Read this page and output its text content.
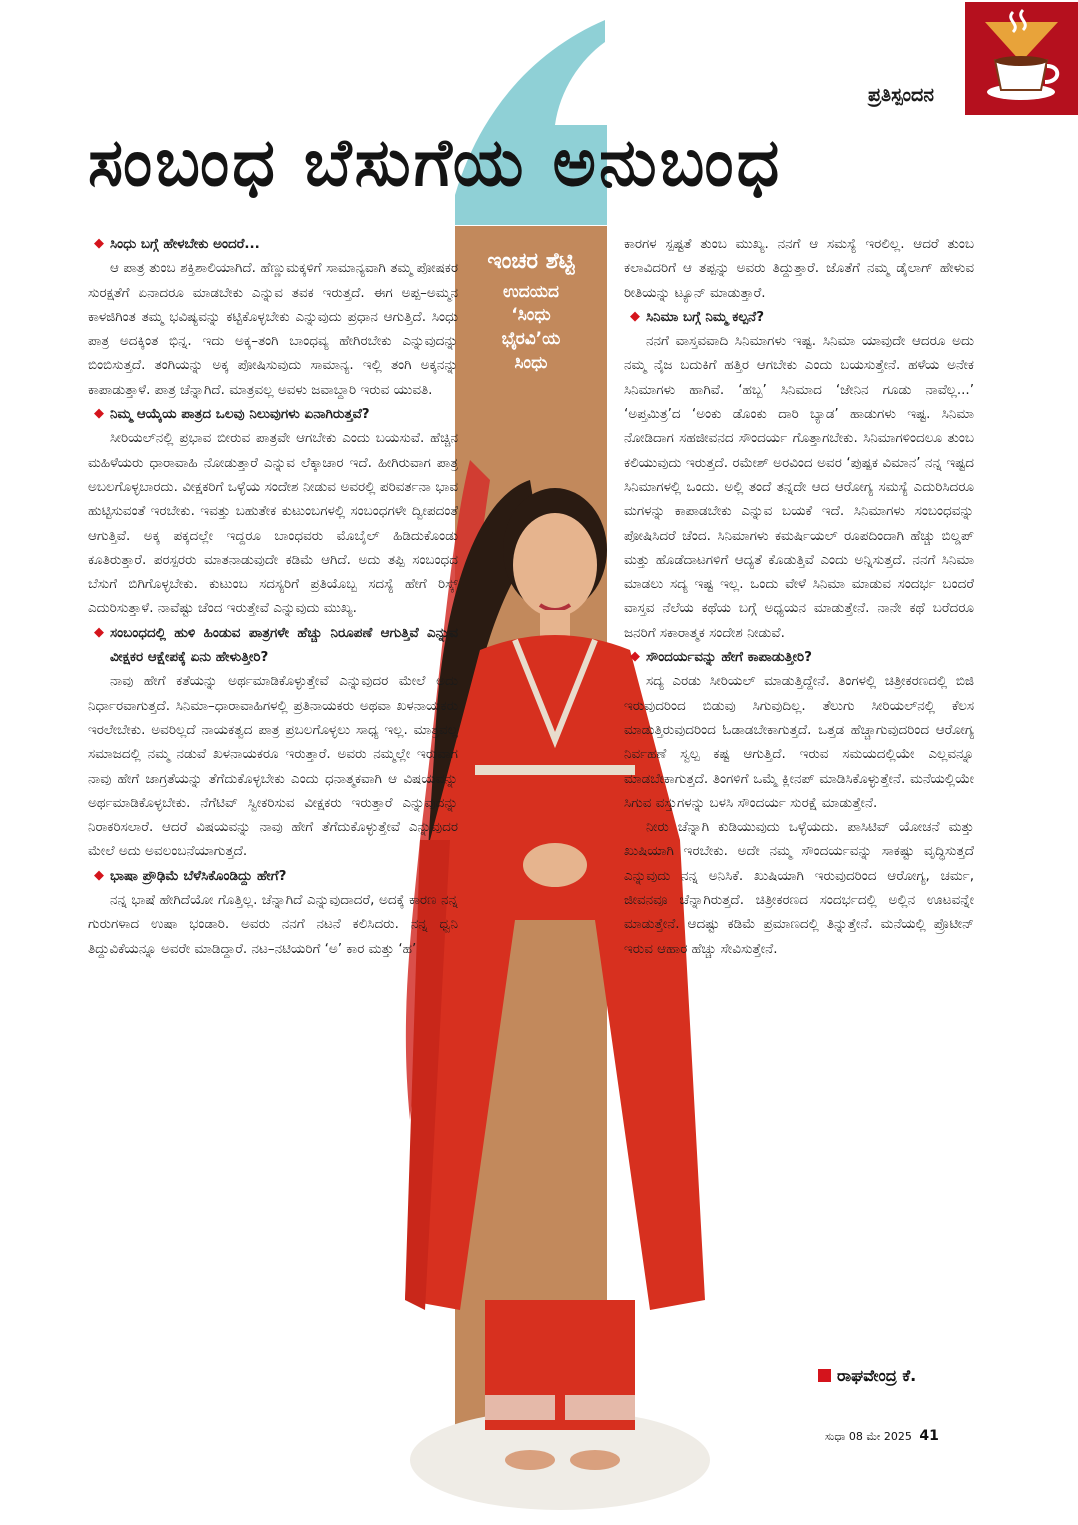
ಪ್ರತಿಸ್ಪಂದನ
ಸಂಬಂಧ ಬೆಸುಗೆಯ ಅನುಬಂಧ
ಇಂಚರ ಶೆಟ್ಟಿ
ಉದಯದ
‘ಸಿಂಧು
ಭೈರವಿ’ಯ
ಸಿಂಧು

◆ ಸಿಂಧು ಬಗ್ಗೆ ಹೇಳಬೇಕು ಅಂದರೆ...

ಆ ಪಾತ್ರ ತುಂಬ ಶಕ್ತಿಶಾಲಿಯಾಗಿದೆ. ಹೆಣ್ಣುಮಕ್ಕಳಿಗೆ ಸಾಮಾನ್ಯವಾಗಿ ತಮ್ಮ ಪೋಷಕರ ಸುರಕ್ಷತೆಗೆ ಏನಾದರೂ ಮಾಡಬೇಕು ಎನ್ನುವ ತವಕ ಇರುತ್ತದೆ. ಈಗ ಅಪ್ಪ–ಅಮ್ಮನ ಕಾಳಜಿಗಿಂತ ತಮ್ಮ ಭವಿಷ್ಯವನ್ನು ಕಟ್ಟಿಕೊಳ್ಳಬೇಕು ಎನ್ನುವುದು ಪ್ರಧಾನ ಆಗುತ್ತಿದೆ. ಸಿಂಧು ಪಾತ್ರ ಅದಕ್ಕಿಂತ ಭಿನ್ನ. ಇದು ಅಕ್ಕ–ತಂಗಿ ಬಾಂಧವ್ಯ ಹೇಗಿರಬೇಕು ಎನ್ನುವುದನ್ನು ಬಿಂಬಿಸುತ್ತದೆ. ತಂಗಿಯನ್ನು ಅಕ್ಕ ಪೋಷಿಸುವುದು ಸಾಮಾನ್ಯ. ಇಲ್ಲಿ ತಂಗಿ ಅಕ್ಕನನ್ನು ಕಾಪಾಡುತ್ತಾಳೆ. ಪಾತ್ರ ಚೆನ್ನಾಗಿದೆ. ಮಾತ್ರವಲ್ಲ ಅವಳು ಜವಾಬ್ದಾರಿ ಇರುವ ಯುವತಿ.

◆ ನಿಮ್ಮ ಆಯ್ಕೆಯ ಪಾತ್ರದ ಒಲವು ನಿಲುವುಗಳು ಏನಾಗಿರುತ್ತವೆ?

ಸೀರಿಯಲ್‌ನಲ್ಲಿ ಪ್ರಭಾವ ಬೀರುವ ಪಾತ್ರವೇ ಆಗಬೇಕು ಎಂದು ಬಯಸುವೆ. ಹೆಚ್ಚಿನ ಮಹಿಳೆಯರು ಧಾರಾವಾಹಿ ನೋಡುತ್ತಾರೆ ಎನ್ನುವ ಲೆಕ್ಕಾಚಾರ ಇದೆ. ಹೀಗಿರುವಾಗ ಪಾತ್ರ ಅಬಲಗೊಳ್ಳಬಾರದು. ವೀಕ್ಷಕರಿಗೆ ಒಳ್ಳೆಯ ಸಂದೇಶ ನೀಡುವ ಅವರಲ್ಲಿ ಪರಿವರ್ತನಾ ಭಾವ ಹುಟ್ಟಿಸುವಂತೆ ಇರಬೇಕು. ಇವತ್ತು ಬಹುತೇಕ ಕುಟುಂಬಗಳಲ್ಲಿ ಸಂಬಂಧಗಳೇ ದ್ವೀಪದಂತೆ ಆಗುತ್ತಿವೆ. ಅಕ್ಕ ಪಕ್ಕದಲ್ಲೇ ಇದ್ದರೂ ಬಾಂಧವರು ಮೊಬೈಲ್ ಹಿಡಿದುಕೊಂಡು ಕೂತಿರುತ್ತಾರೆ. ಪರಸ್ಪರರು ಮಾತನಾಡುವುದೇ ಕಡಿಮೆ ಆಗಿದೆ. ಅದು ತಪ್ಪಿ ಸಂಬಂಧದ ಬೆಸುಗೆ ಬಿಗಿಗೊಳ್ಳಬೇಕು. ಕುಟುಂಬ ಸದಸ್ಯರಿಗೆ ಪ್ರತಿಯೊಬ್ಬ ಸದಸ್ಯೆ ಹೇಗೆ ರಿಸ್ಕ್ ಎದುರಿಸುತ್ತಾಳೆ. ನಾವೆಷ್ಟು ಚೆಂದ ಇರುತ್ತೇವೆ ಎನ್ನುವುದು ಮುಖ್ಯ.

◆ ಸಂಬಂಧದಲ್ಲಿ ಹುಳಿ ಹಿಂಡುವ ಪಾತ್ರಗಳೇ ಹೆಚ್ಚು ನಿರೂಪಣೆ ಆಗುತ್ತಿವೆ ಎನ್ನುವ ವೀಕ್ಷಕರ ಆಕ್ಷೇಪಕ್ಕೆ ಏನು ಹೇಳುತ್ತೀರಿ?

ನಾವು ಹೇಗೆ ಕತೆಯನ್ನು ಅರ್ಥಮಾಡಿಕೊಳ್ಳುತ್ತೇವೆ ಎನ್ನುವುದರ ಮೇಲೆ ಅದು ನಿರ್ಧಾರವಾಗುತ್ತದೆ. ಸಿನಿಮಾ–ಧಾರಾವಾಹಿಗಳಲ್ಲಿ ಪ್ರತಿನಾಯಕರು ಅಥವಾ ಖಳನಾಯಕರು ಇರಲೇಬೇಕು. ಅವರಿಲ್ಲದೆ ನಾಯಕತ್ವದ ಪಾತ್ರ ಪ್ರಬಲಗೊಳ್ಳಲು ಸಾಧ್ಯ ಇಲ್ಲ. ಮಾತ್ರವಲ್ಲ ಸಮಾಜದಲ್ಲಿ ನಮ್ಮ ನಡುವೆ ಖಳನಾಯಕರೂ ಇರುತ್ತಾರೆ. ಅವರು ನಮ್ಮಲ್ಲೇ ಇರುವಾಗ ನಾವು ಹೇಗೆ ಜಾಗ್ರತೆಯನ್ನು ತೆಗೆದುಕೊಳ್ಳಬೇಕು ಎಂದು ಧನಾತ್ಮಕವಾಗಿ ಆ ವಿಷಯವನ್ನು ಅರ್ಥಮಾಡಿಕೊಳ್ಳಬೇಕು. ನೆಗೆಟಿವ್ ಸ್ವೀಕರಿಸುವ ವೀಕ್ಷಕರು ಇರುತ್ತಾರೆ ಎನ್ನುವುದನ್ನು ನಿರಾಕರಿಸಲಾರೆ. ಆದರೆ ವಿಷಯವನ್ನು ನಾವು ಹೇಗೆ ತೆಗೆದುಕೊಳ್ಳುತ್ತೇವೆ ಎನ್ನುವುದರ ಮೇಲೆ ಅದು ಅವಲಂಬನೆಯಾಗುತ್ತದೆ.

◆ ಭಾಷಾ ಪ್ರೌಢಿಮೆ ಬೆಳೆಸಿಕೊಂಡಿದ್ದು ಹೇಗೆ?

ನನ್ನ ಭಾಷೆ ಹೇಗಿದೆಯೋ ಗೊತ್ತಿಲ್ಲ. ಚೆನ್ನಾಗಿದೆ ಎನ್ನುವುದಾದರೆ, ಅದಕ್ಕೆ ಕಾರಣ ನನ್ನ ಗುರುಗಳಾದ ಉಷಾ ಭಂಡಾರಿ. ಅವರು ನನಗೆ ನಟನೆ ಕಲಿಸಿದರು. ನನ್ನ ಧ್ವನಿ ತಿದ್ದುವಿಕೆಯನ್ನೂ ಅವರೇ ಮಾಡಿದ್ದಾರೆ. ನಟ–ನಟಿಯರಿಗೆ ‘ಅ’ ಕಾರ ಮತ್ತು ‘ಹ’

ಕಾರಗಳ ಸ್ಪಷ್ಟತೆ ತುಂಬ ಮುಖ್ಯ. ನನಗೆ ಆ ಸಮಸ್ಯೆ ಇರಲಿಲ್ಲ. ಆದರೆ ತುಂಬ ಕಲಾವಿದರಿಗೆ ಆ ತಪ್ಪನ್ನು ಅವರು ತಿದ್ದುತ್ತಾರೆ. ಜೊತೆಗೆ ನಮ್ಮ ಡೈಲಾಗ್ ಹೇಳುವ ರೀತಿಯನ್ನು ಟ್ಯೂನ್ ಮಾಡುತ್ತಾರೆ.

◆ ಸಿನಿಮಾ ಬಗ್ಗೆ ನಿಮ್ಮ ಕಲ್ಪನೆ?

ನನಗೆ ವಾಸ್ತವವಾದಿ ಸಿನಿಮಾಗಳು ಇಷ್ಟ. ಸಿನಿಮಾ ಯಾವುದೇ ಆದರೂ ಅದು ನಮ್ಮ ನೈಜ ಬದುಕಿಗೆ ಹತ್ತಿರ ಆಗಬೇಕು ಎಂದು ಬಯಸುತ್ತೇನೆ. ಹಳೆಯ ಅನೇಕ ಸಿನಿಮಾಗಳು ಹಾಗಿವೆ. ‘ಹಬ್ಬ’ ಸಿನಿಮಾದ ‘ಜೇನಿನ ಗೂಡು ನಾವೆಲ್ಲ...’ ‘ಅಪ್ತಮಿತ್ರ’ದ ‘ಅಂಕು ಡೊಂಕು ದಾರಿ ಬ್ಯಾಡ’ ಹಾಡುಗಳು ಇಷ್ಟ. ಸಿನಿಮಾ ನೋಡಿದಾಗ ಸಹಜೀವನದ ಸೌಂದರ್ಯ ಗೊತ್ತಾಗಬೇಕು. ಸಿನಿಮಾಗಳಿಂದಲೂ ತುಂಬ ಕಲಿಯುವುದು ಇರುತ್ತದೆ. ರಮೇಶ್ ಅರವಿಂದ ಅವರ ‘ಪುಷ್ಪಕ ವಿಮಾನ’ ನನ್ನ ಇಷ್ಟದ ಸಿನಿಮಾಗಳಲ್ಲಿ ಒಂದು. ಅಲ್ಲಿ ತಂದೆ ತನ್ನದೇ ಆದ ಆರೋಗ್ಯ ಸಮಸ್ಯೆ ಎದುರಿಸಿದರೂ ಮಗಳನ್ನು ಕಾಪಾಡಬೇಕು ಎನ್ನುವ ಬಯಕೆ ಇದೆ. ಸಿನಿಮಾಗಳು ಸಂಬಂಧವನ್ನು ಪೋಷಿಸಿದರೆ ಚೆಂದ. ಸಿನಿಮಾಗಳು ಕಮರ್ಷಿಯಲ್ ರೂಪದಿಂದಾಗಿ ಹೆಚ್ಚು ಬಿಲ್ಡಪ್ ಮತ್ತು ಹೊಡೆದಾಟಗಳಿಗೆ ಆದ್ಯತೆ ಕೊಡುತ್ತಿವೆ ಎಂದು ಅನ್ನಿಸುತ್ತದೆ. ನನಗೆ ಸಿನಿಮಾ ಮಾಡಲು ಸದ್ಯ ಇಷ್ಟ ಇಲ್ಲ. ಒಂದು ವೇಳೆ ಸಿನಿಮಾ ಮಾಡುವ ಸಂದರ್ಭ ಬಂದರೆ ವಾಸ್ತವ ನೆಲೆಯ ಕಥೆಯ ಬಗ್ಗೆ ಅಧ್ಯಯನ ಮಾಡುತ್ತೇನೆ. ನಾನೇ ಕಥೆ ಬರೆದರೂ ಜನರಿಗೆ ಸಕಾರಾತ್ಮಕ ಸಂದೇಶ ನೀಡುವೆ.

◆ ಸೌಂದರ್ಯವನ್ನು ಹೇಗೆ ಕಾಪಾಡುತ್ತೀರಿ?

ಸದ್ಯ ಎರಡು ಸೀರಿಯಲ್ ಮಾಡುತ್ತಿದ್ದೇನೆ. ತಿಂಗಳಲ್ಲಿ ಚಿತ್ರೀಕರಣದಲ್ಲಿ ಬಿಜಿ ಇರುವುದರಿಂದ ಬಿಡುವು ಸಿಗುವುದಿಲ್ಲ. ತೆಲುಗು ಸೀರಿಯಲ್‌ನಲ್ಲಿ ಕೆಲಸ ಮಾಡುತ್ತಿರುವುದರಿಂದ ಓಡಾಡಬೇಕಾಗುತ್ತದೆ. ಒತ್ತಡ ಹೆಚ್ಚಾಗುವುದರಿಂದ ಆರೋಗ್ಯ ನಿರ್ವಹಣೆ ಸ್ವಲ್ಪ ಕಷ್ಟ ಆಗುತ್ತಿದೆ. ಇರುವ ಸಮಯದಲ್ಲಿಯೇ ಎಲ್ಲವನ್ನೂ ಮಾಡಬೇಕಾಗುತ್ತದೆ. ತಿಂಗಳಿಗೆ ಒಮ್ಮೆ ಕ್ಲೀನಪ್ ಮಾಡಿಸಿಕೊಳ್ಳುತ್ತೇನೆ. ಮನೆಯಲ್ಲಿಯೇ ಸಿಗುವ ವಸ್ತುಗಳನ್ನು ಬಳಸಿ ಸೌಂದರ್ಯ ಸುರಕ್ಷೆ ಮಾಡುತ್ತೇನೆ.

ನೀರು ಚೆನ್ನಾಗಿ ಕುಡಿಯುವುದು ಒಳ್ಳೆಯದು. ಪಾಸಿಟಿವ್ ಯೋಚನೆ ಮತ್ತು ಖುಷಿಯಾಗಿ ಇರಬೇಕು. ಅದೇ ನಮ್ಮ ಸೌಂದರ್ಯವನ್ನು ಸಾಕಷ್ಟು ವೃದ್ಧಿಸುತ್ತದೆ ಎನ್ನುವುದು ನನ್ನ ಅನಿಸಿಕೆ. ಖುಷಿಯಾಗಿ ಇರುವುದರಿಂದ ಆರೋಗ್ಯ, ಚರ್ಮ, ಜೀವನವೂ ಚೆನ್ನಾಗಿರುತ್ತದೆ. ಚಿತ್ರೀಕರಣದ ಸಂದರ್ಭದಲ್ಲಿ ಅಲ್ಲಿನ ಊಟವನ್ನೇ ಮಾಡುತ್ತೇನೆ. ಆದಷ್ಟು ಕಡಿಮೆ ಪ್ರಮಾಣದಲ್ಲಿ ತಿನ್ನುತ್ತೇನೆ. ಮನೆಯಲ್ಲಿ ಪ್ರೊಟೀನ್ ಇರುವ ಆಹಾರ ಹೆಚ್ಚು ಸೇವಿಸುತ್ತೇನೆ.

ರಾಘವೇಂದ್ರ ಕೆ.
ಸುಧಾ 08 ಮೇ 2025 41
